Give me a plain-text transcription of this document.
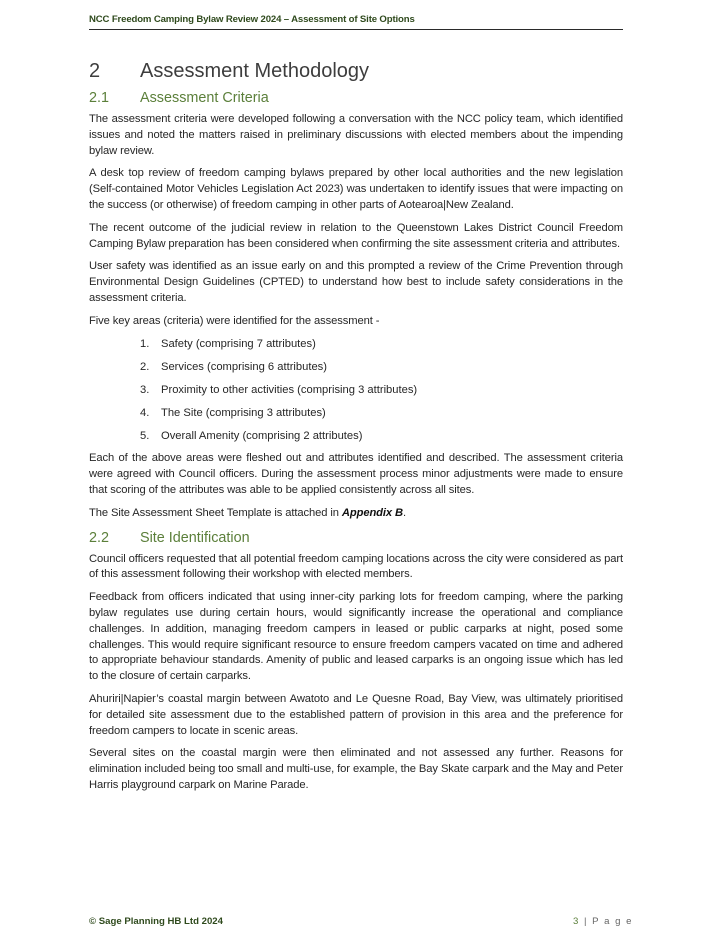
NCC Freedom Camping Bylaw Review 2024 – Assessment of Site Options
2	Assessment Methodology
2.1	Assessment Criteria

The assessment criteria were developed following a conversation with the NCC policy team, which identified issues and noted the matters raised in preliminary discussions with elected members about the impending bylaw review.

A desk top review of freedom camping bylaws prepared by other local authorities and the new legislation (Self-contained Motor Vehicles Legislation Act 2023) was undertaken to identify issues that were impacting on the success (or otherwise) of freedom camping in other parts of Aotearoa|New Zealand.

The recent outcome of the judicial review in relation to the Queenstown Lakes District Council Freedom Camping Bylaw preparation has been considered when confirming the site assessment criteria and attributes.

User safety was identified as an issue early on and this prompted a review of the Crime Prevention through Environmental Design Guidelines (CPTED) to understand how best to include safety considerations in the assessment criteria.

Five key areas (criteria) were identified for the assessment -

1.	Safety (comprising 7 attributes)
2.	Services (comprising 6 attributes)
3.	Proximity to other activities (comprising 3 attributes)
4.	The Site (comprising 3 attributes)
5.	Overall Amenity (comprising 2 attributes)

Each of the above areas were fleshed out and attributes identified and described. The assessment criteria were agreed with Council officers. During the assessment process minor adjustments were made to ensure that scoring of the attributes was able to be applied consistently across all sites.

The Site Assessment Sheet Template is attached in Appendix B.

2.2	Site Identification

Council officers requested that all potential freedom camping locations across the city were considered as part of this assessment following their workshop with elected members.

Feedback from officers indicated that using inner-city parking lots for freedom camping, where the parking bylaw regulates use during certain hours, would significantly increase the operational and compliance challenges. In addition, managing freedom campers in leased or public carparks at night, posed some challenges. This would require significant resource to ensure freedom campers vacated on time and adhered to appropriate behaviour standards. Amenity of public and leased carparks is an ongoing issue which has led to the closure of certain carparks.

Ahuriri|Napier’s coastal margin between Awatoto and Le Quesne Road, Bay View, was ultimately prioritised for detailed site assessment due to the established pattern of provision in this area and the preference for freedom campers to locate in scenic areas.

Several sites on the coastal margin were then eliminated and not assessed any further. Reasons for elimination included being too small and multi-use, for example, the Bay Skate carpark and the May and Peter Harris playground carpark on Marine Parade.

© Sage Planning HB Ltd 2024	3 | P a g e
